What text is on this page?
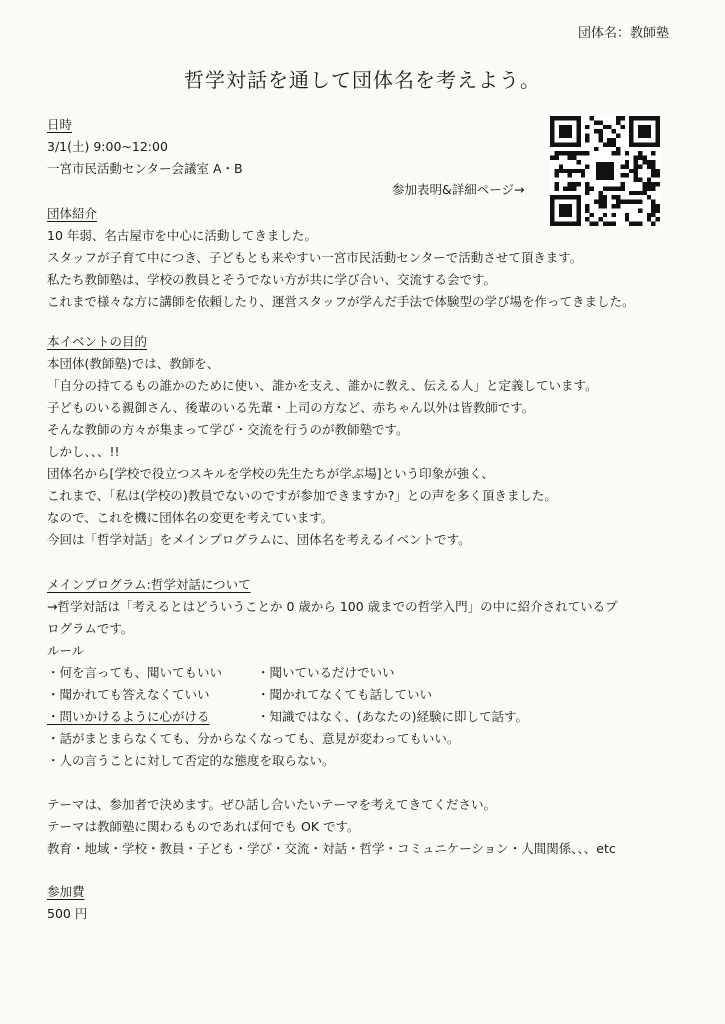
団体名：教師塾
哲学対話を通して団体名を考えよう。
日時
3/1(土) 9:00~12:00
一宮市民活動センター会議室 A・B
参加表明&詳細ページ→
団体紹介
10 年弱、名古屋市を中心に活動してきました。
スタッフが子育て中につき、子どもとも来やすい一宮市民活動センターで活動させて頂きます。
私たち教師塾は、学校の教員とそうでない方が共に学び合い、交流する会です。
これまで様々な方に講師を依頼したり、運営スタッフが学んだ手法で体験型の学び場を作ってきました。
本イベントの目的
本団体(教師塾)では、教師を、
「自分の持てるもの誰かのために使い、誰かを支え、誰かに教え、伝える人」と定義しています。
子どものいる親御さん、後輩のいる先輩・上司の方など、赤ちゃん以外は皆教師です。
そんな教師の方々が集まって学び・交流を行うのが教師塾です。
しかし、、、!!
団体名から[学校で役立つスキルを学校の先生たちが学ぶ場]という印象が強く、
これまで、「私は(学校の)教員でないのですが参加できますか?」との声を多く頂きました。
なので、これを機に団体名の変更を考えています。
今回は「哲学対話」をメインプログラムに、団体名を考えるイベントです。
メインプログラム:哲学対話について
→哲学対話は「考えるとはどういうことか 0 歳から 100 歳までの哲学入門」の中に紹介されているプ
ログラムです。
ルール
・何を言っても、聞いてもいい	・聞いているだけでいい
・聞かれても答えなくていい	・聞かれてなくても話していい
・問いかけるように心がける	・知識ではなく、(あなたの)経験に即して話す。
・話がまとまらなくても、分からなくなっても、意見が変わってもいい。
・人の言うことに対して否定的な態度を取らない。
テーマは、参加者で決めます。ぜひ話し合いたいテーマを考えてきてください。
テーマは教師塾に関わるものであれば何でも OK です。
教育・地域・学校・教員・子ども・学び・交流・対話・哲学・コミュニケーション・人間関係、、、etc
参加費
500 円
